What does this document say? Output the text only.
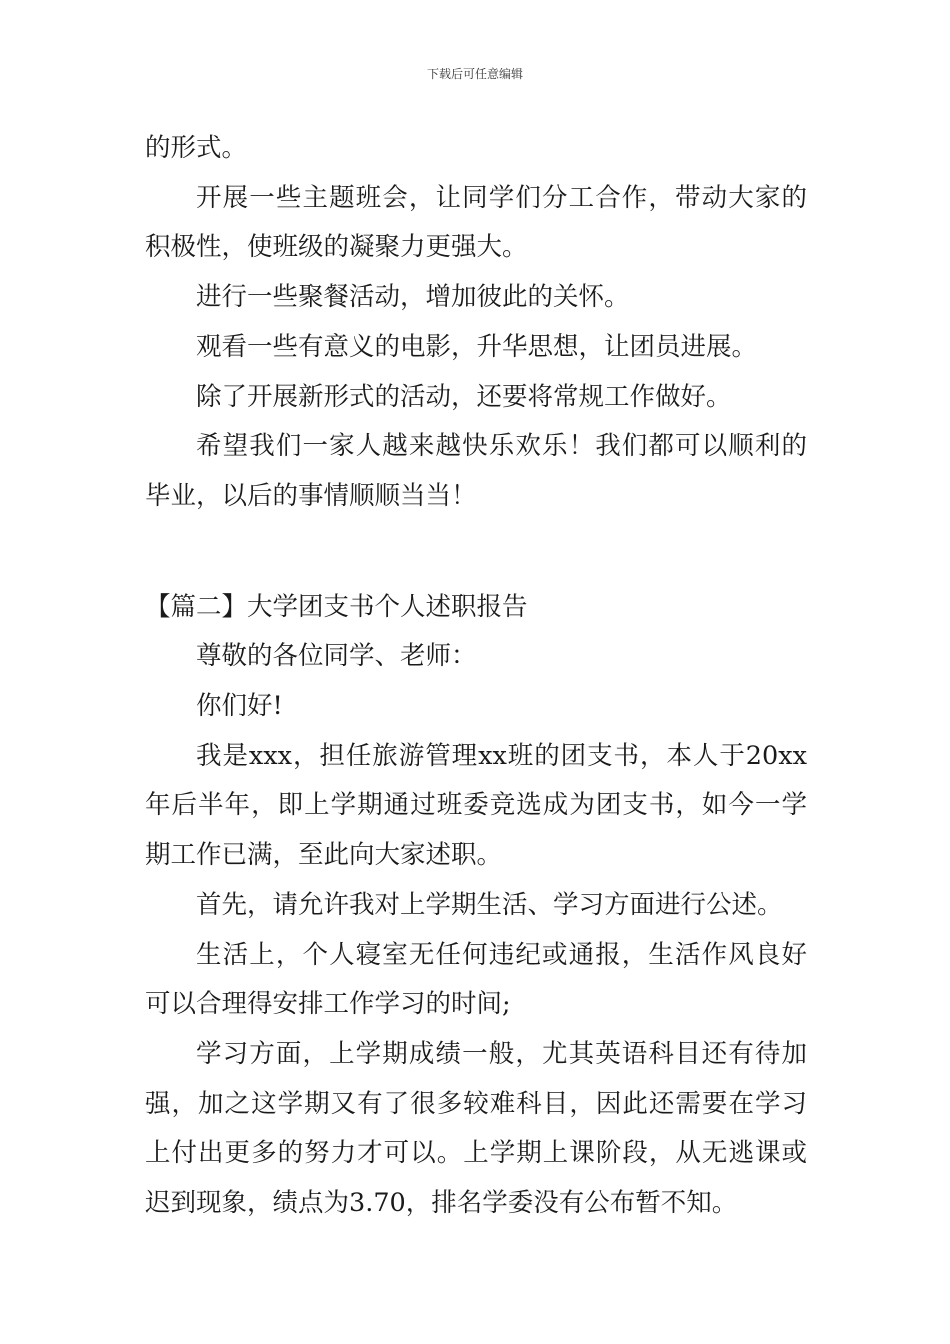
下载后可任意编辑

的形式。

开展一些主题班会，让同学们分工合作，带动大家的积极性，使班级的凝聚力更强大。

进行一些聚餐活动，增加彼此的关怀。

观看一些有意义的电影，升华思想，让团员进展。

除了开展新形式的活动，还要将常规工作做好。

希望我们一家人越来越快乐欢乐！我们都可以顺利的毕业，以后的事情顺顺当当！

【篇二】大学团支书个人述职报告

尊敬的各位同学、老师：

你们好!

我是xxx，担任旅游管理xx班的团支书，本人于20xx年后半年，即上学期通过班委竞选成为团支书，如今一学期工作已满，至此向大家述职。

首先，请允许我对上学期生活、学习方面进行公述。

生活上，个人寝室无任何违纪或通报，生活作风良好可以合理得安排工作学习的时间;

学习方面，上学期成绩一般，尤其英语科目还有待加强，加之这学期又有了很多较难科目，因此还需要在学习上付出更多的努力才可以。上学期上课阶段，从无逃课或迟到现象，绩点为3.70，排名学委没有公布暂不知。
